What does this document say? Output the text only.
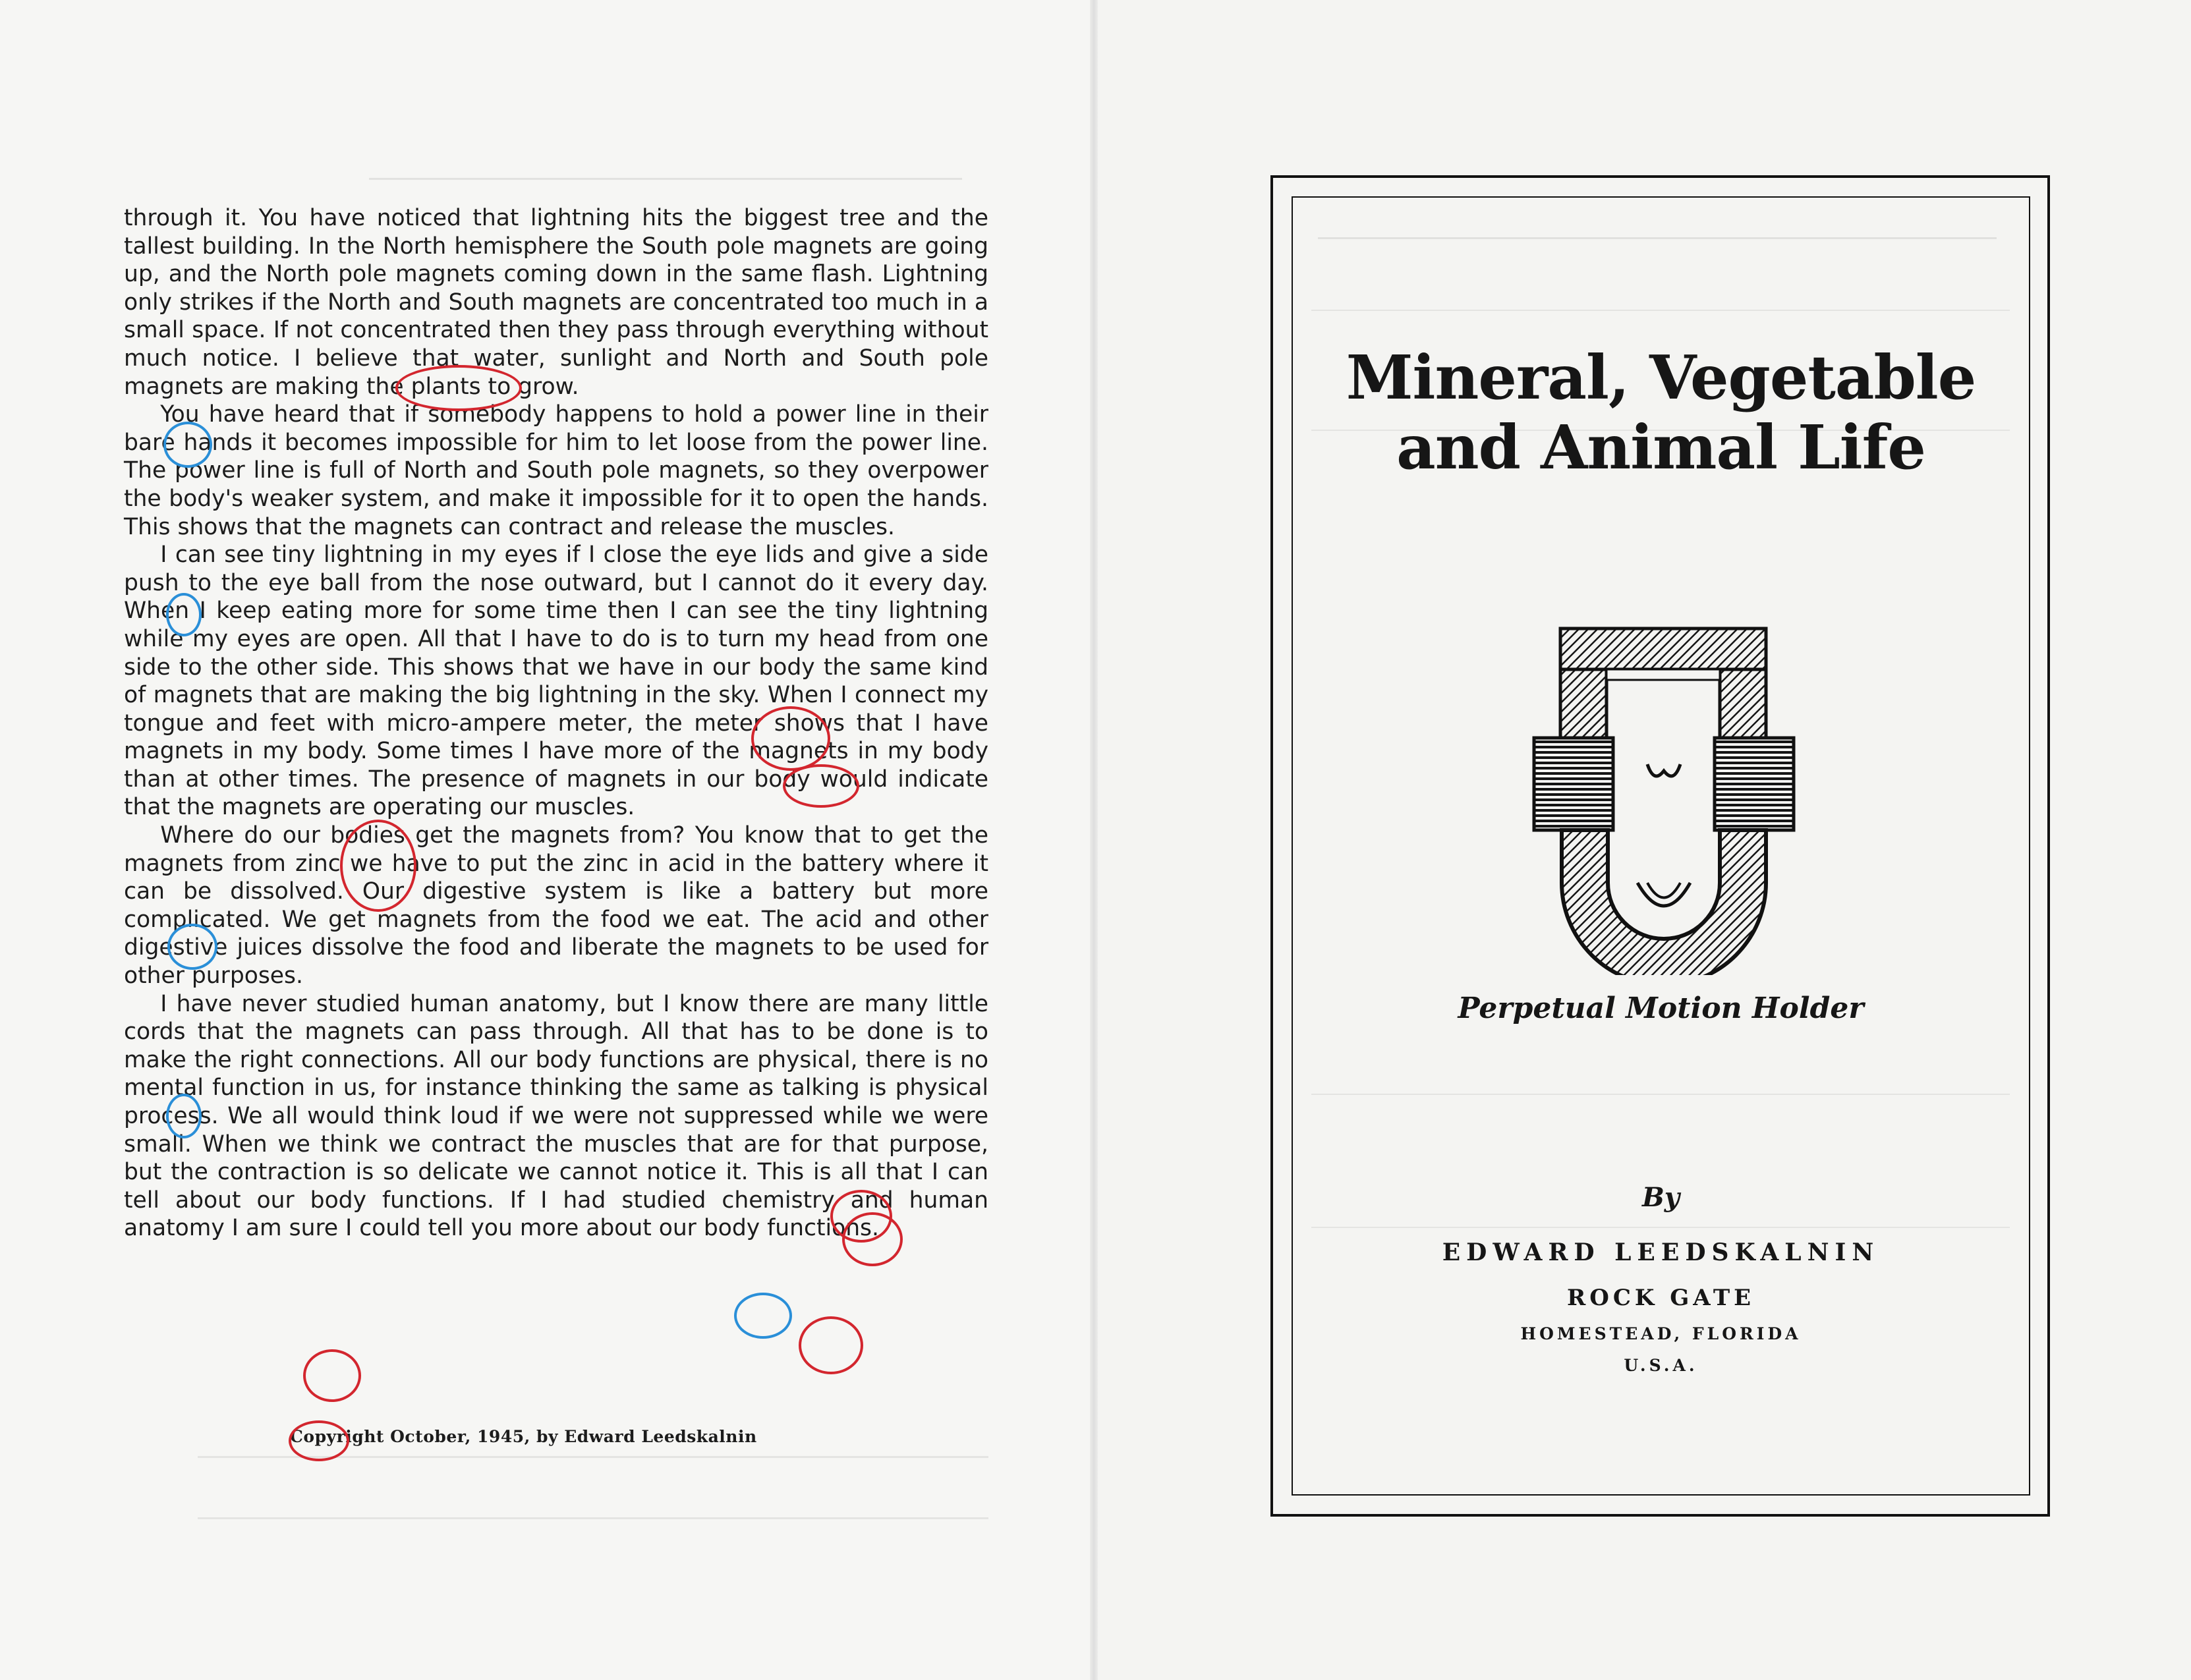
through it. You have noticed that lightning hits the biggest tree and the tallest building. In the North hemisphere the South pole magnets are going up, and the North pole magnets coming down in the same flash. Lightning only strikes if the North and South magnets are concentrated too much in a small space. If not concentrated then they pass through everything without much notice. I believe that water, sunlight and North and South pole magnets are making the plants to grow.

You have heard that if somebody happens to hold a power line in their bare hands it becomes impossible for him to let loose from the power line. The power line is full of North and South pole magnets, so they overpower the body's weaker system, and make it impossible for it to open the hands. This shows that the magnets can contract and release the muscles.

I can see tiny lightning in my eyes if I close the eye lids and give a side push to the eye ball from the nose outward, but I cannot do it every day. When I keep eating more for some time then I can see the tiny lightning while my eyes are open. All that I have to do is to turn my head from one side to the other side. This shows that we have in our body the same kind of magnets that are making the big lightning in the sky. When I connect my tongue and feet with micro-ampere meter, the meter shows that I have magnets in my body. Some times I have more of the magnets in my body than at other times. The presence of magnets in our body would indicate that the magnets are operating our muscles.

Where do our bodies get the magnets from? You know that to get the magnets from zinc we have to put the zinc in acid in the battery where it can be dissolved. Our digestive system is like a battery but more complicated. We get magnets from the food we eat. The acid and other digestive juices dissolve the food and liberate the magnets to be used for other purposes.

I have never studied human anatomy, but I know there are many little cords that the magnets can pass through. All that has to be done is to make the right connections. All our body functions are physical, there is no mental function in us, for instance thinking the same as talking is physical process. We all would think loud if we were not suppressed while we were small. When we think we contract the muscles that are for that purpose, but the contraction is so delicate we cannot notice it. This is all that I can tell about our body functions. If I had studied chemistry and human anatomy I am sure I could tell you more about our body functions.

Copyright October, 1945, by Edward Leedskalnin
Mineral, Vegetable
and Animal Life
Perpetual Motion Holder
By
EDWARD LEEDSKALNIN
ROCK GATE
HOMESTEAD, FLORIDA
U.S.A.
